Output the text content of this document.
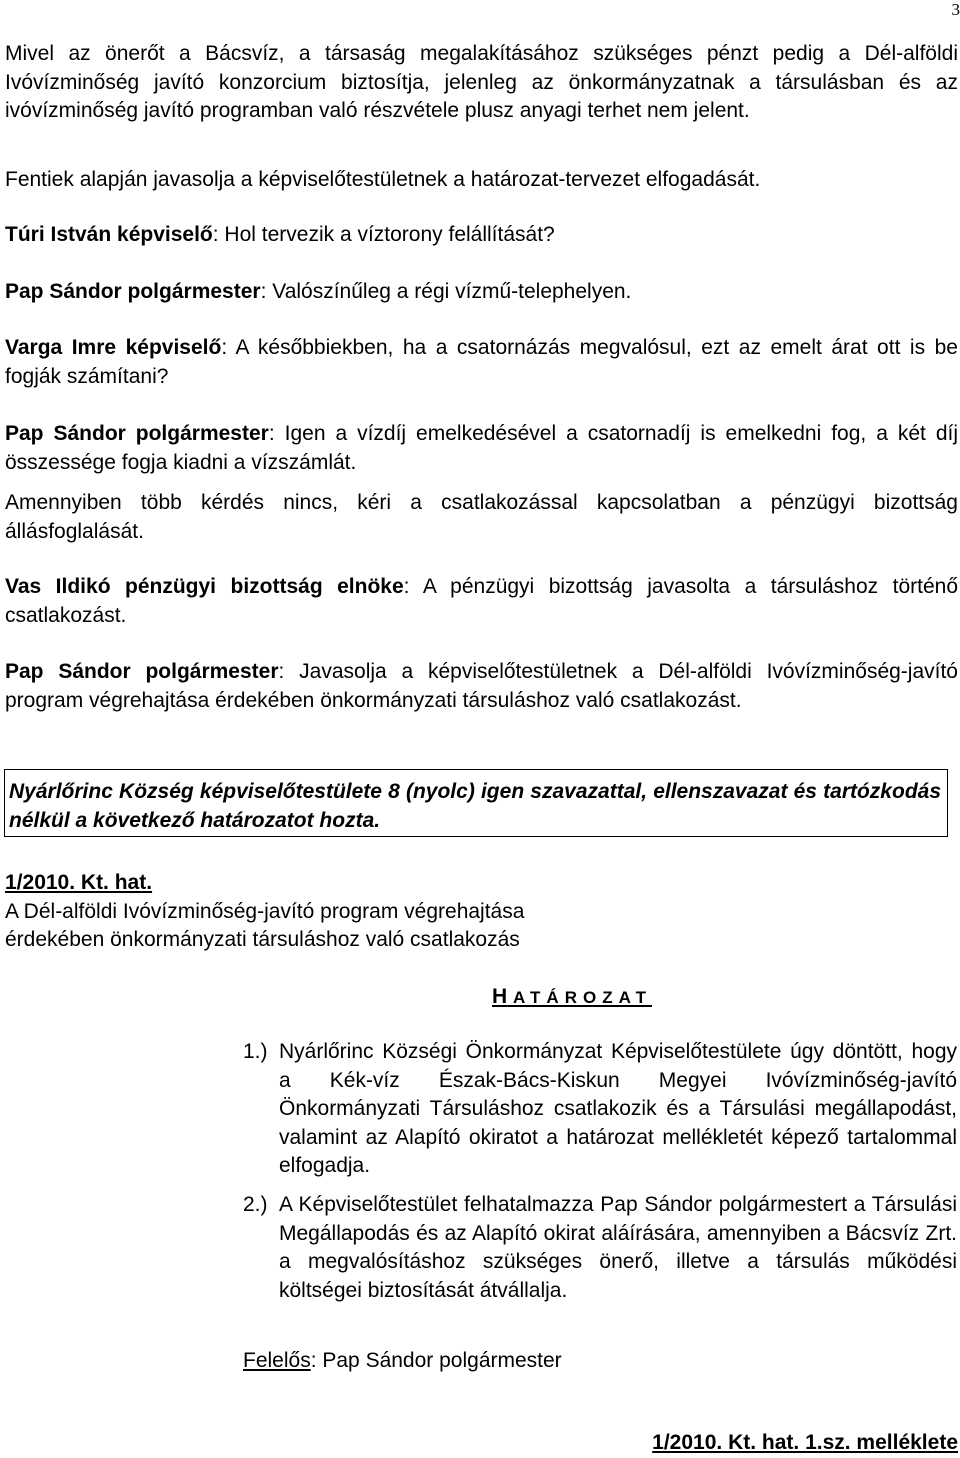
3

Mivel az önerőt a Bácsvíz, a társaság megalakításához szükséges pénzt pedig a Dél-alföldi Ivóvízminőség javító konzorcium biztosítja, jelenleg az önkormányzatnak a társulásban és az ivóvízminőség javító programban való részvétele plusz anyagi terhet nem jelent.

Fentiek alapján javasolja a képviselőtestületnek a határozat-tervezet elfogadását.

Túri István képviselő: Hol tervezik a víztorony felállítását?

Pap Sándor polgármester: Valószínűleg a régi vízmű-telephelyen.

Varga Imre képviselő: A későbbiekben, ha a csatornázás megvalósul, ezt az emelt árat ott is be fogják számítani?

Pap Sándor polgármester: Igen a vízdíj emelkedésével a csatornadíj is emelkedni fog, a két díj összessége fogja kiadni a vízszámlát.

Amennyiben több kérdés nincs, kéri a csatlakozással kapcsolatban a pénzügyi bizottság állásfoglalását.

Vas Ildikó pénzügyi bizottság elnöke: A pénzügyi bizottság javasolta a társuláshoz történő csatlakozást.

Pap Sándor polgármester: Javasolja a képviselőtestületnek a Dél-alföldi Ivóvízminőség-javító program végrehajtása érdekében önkormányzati társuláshoz való csatlakozást.

Nyárlőrinc Község képviselőtestülete 8 (nyolc) igen szavazattal, ellenszavazat és tartózkodás nélkül a következő határozatot hozta.

1/2010. Kt. hat.

A Dél-alföldi Ivóvízminőség-javító program végrehajtása

érdekében önkormányzati társuláshoz való csatlakozás

H ATÁROZAT
1.) Nyárlőrinc Községi Önkormányzat Képviselőtestülete úgy döntött, hogy a Kék-víz Észak-Bács-Kiskun Megyei Ivóvízminőség-javító Önkormányzati Társuláshoz csatlakozik és a Társulási megállapodást, valamint az Alapító okiratot a határozat mellékletét képező tartalommal elfogadja.
2.) A Képviselőtestület felhatalmazza Pap Sándor polgármestert a Társulási Megállapodás és az Alapító okirat aláírására, amennyiben a Bácsvíz Zrt. a megvalósításhoz szükséges önerő, illetve a társulás működési költségei biztosítását átvállalja.

Felelős: Pap Sándor polgármester

1/2010. Kt. hat. 1.sz. melléklete
